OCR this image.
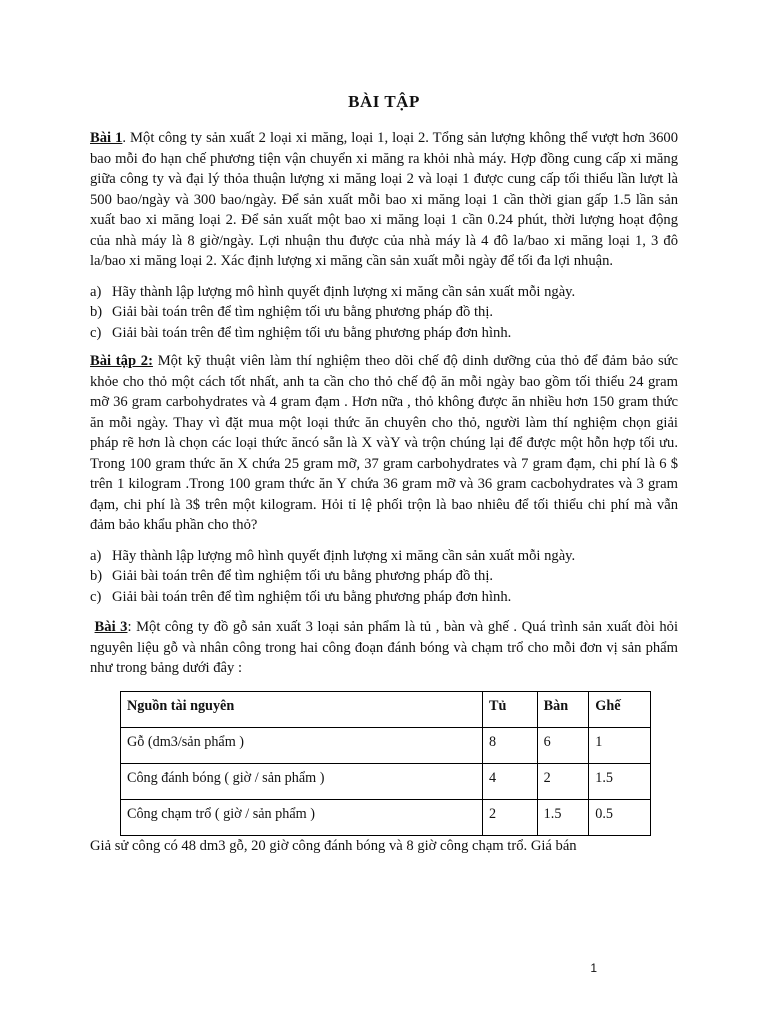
BÀI TẬP

Bài 1. Một công ty sản xuất 2 loại xi măng, loại 1, loại 2. Tổng sản lượng không thể vượt hơn 3600 bao mỗi đo hạn chế phương tiện vận chuyển xi măng ra khỏi nhà máy. Hợp đồng cung cấp xi măng giữa công ty và đại lý thỏa thuận lượng xi măng loại 2 và loại 1 được cung cấp tối thiểu lần lượt là 500 bao/ngày và 300 bao/ngày. Để sản xuất mỗi bao xi măng loại 1 cần thời gian gấp 1.5 lần sản xuất bao xi măng loại 2. Để sản xuất một bao xi măng loại 1 cần 0.24 phút, thời lượng hoạt động của nhà máy là 8 giờ/ngày. Lợi nhuận thu được của nhà máy là 4 đô la/bao xi măng loại 1, 3 đô la/bao xi măng loại 2. Xác định lượng xi măng cần sản xuất mỗi ngày để tối đa lợi nhuận.

a) Hãy thành lập lượng mô hình quyết định lượng xi măng cần sản xuất mỗi ngày.
b) Giải bài toán trên để tìm nghiệm tối ưu bằng phương pháp đồ thị.
c) Giải bài toán trên để tìm nghiệm tối ưu bằng phương pháp đơn hình.

Bài tập 2: Một kỹ thuật viên làm thí nghiệm theo dõi chế độ dinh dưỡng của thỏ để đảm bảo sức khỏe cho thỏ một cách tốt nhất, anh ta cần cho thỏ chế độ ăn mỗi ngày bao gồm tối thiểu 24 gram mỡ 36 gram carbohydrates và 4 gram đạm . Hơn nữa , thỏ không được ăn nhiều hơn 150 gram thức ăn mỗi ngày. Thay vì đặt mua một loại thức ăn chuyên cho thỏ, người làm thí nghiệm chọn giải pháp rẽ hơn là chọn các loại thức ăncó sẵn là X vàY và trộn chúng lại để được một hỗn hợp tối ưu. Trong 100 gram thức ăn X chứa 25 gram mỡ, 37 gram carbohydrates và 7 gram đạm, chi phí là 6 $ trên 1 kilogram .Trong 100 gram thức ăn Y chứa 36 gram mỡ và 36 gram cacbohydrates và 3 gram đạm, chi phí là 3$ trên một kilogram. Hỏi tỉ lệ phối trộn là bao nhiêu để tối thiểu chi phí mà vẫn đảm bảo khẩu phần cho thỏ?

a) Hãy thành lập lượng mô hình quyết định lượng xi măng cần sản xuất mỗi ngày.
b) Giải bài toán trên để tìm nghiệm tối ưu bằng phương pháp đồ thị.
c) Giải bài toán trên để tìm nghiệm tối ưu bằng phương pháp đơn hình.

Bài 3: Một công ty đồ gỗ sản xuất 3 loại sản phẩm là tủ , bàn và ghế . Quá trình sản xuất đòi hỏi nguyên liệu gỗ và nhân công trong hai công đoạn đánh bóng và chạm trổ cho mỗi đơn vị sản phẩm như trong bảng dưới đây :

Nguồn tài nguyên	Tủ	Bàn	Ghế
Gỗ (dm3/sản phẩm )	8	6	1
Công đánh bóng ( giờ / sản phẩm )	4	2	1.5
Công chạm trổ ( giờ / sản phẩm )	2	1.5	0.5

Giả sử công có 48 dm3 gỗ, 20 giờ công đánh bóng và 8 giờ công chạm trổ. Giá bán

1
